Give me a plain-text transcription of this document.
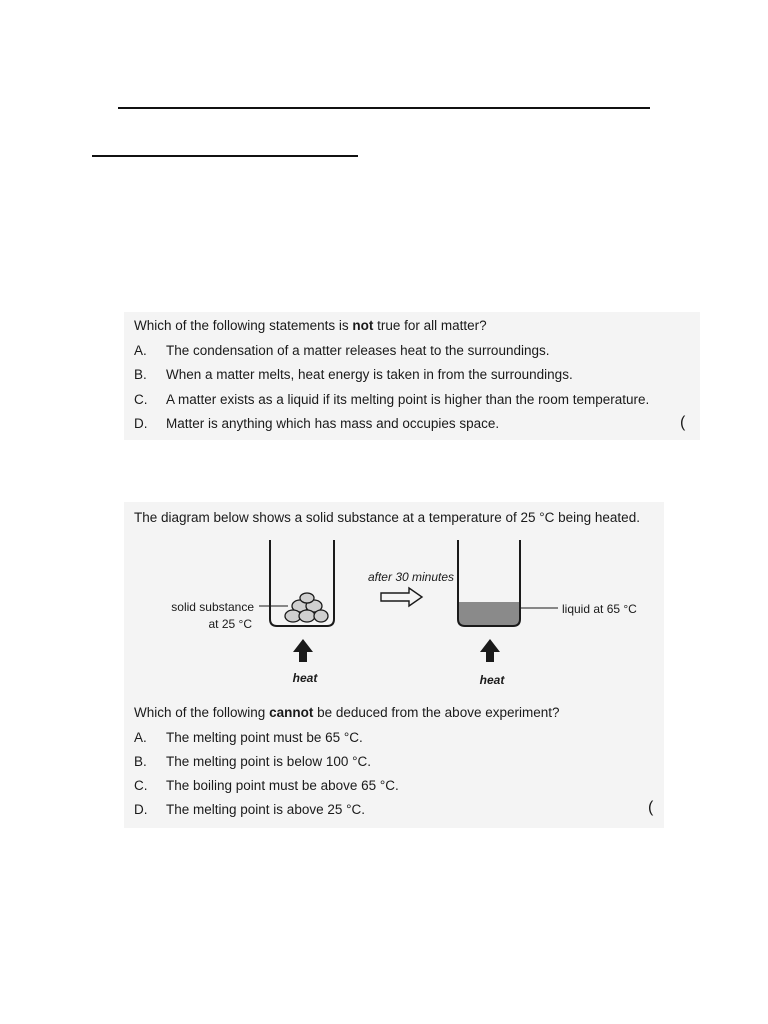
Which of the following statements is not true for all matter?
A. The condensation of a matter releases heat to the surroundings.
B. When a matter melts, heat energy is taken in from the surroundings.
C. A matter exists as a liquid if its melting point is higher than the room temperature.
D. Matter is anything which has mass and occupies space.	(
The diagram below shows a solid substance at a temperature of 25 °C being heated.
solid substance
at 25 °C
heat
after 30 minutes
liquid at 65 °C
heat
Which of the following cannot be deduced from the above experiment?
A. The melting point must be 65 °C.
B. The melting point is below 100 °C.
C. The boiling point must be above 65 °C.
D. The melting point is above 25 °C.	(
